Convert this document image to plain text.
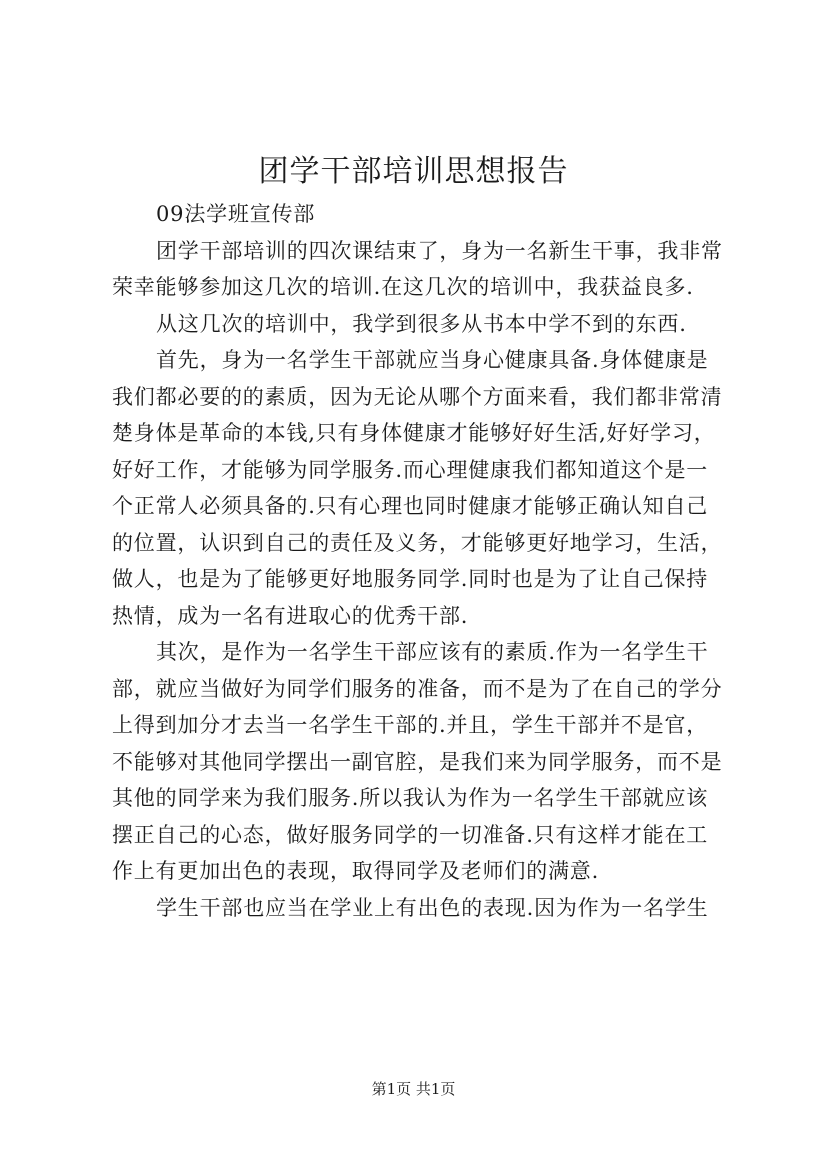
团学干部培训思想报告
09法学班宣传部
团学干部培训的四次课结束了，身为一名新生干事，我非常
荣幸能够参加这几次的培训.在这几次的培训中，我获益良多.
从这几次的培训中，我学到很多从书本中学不到的东西.
首先，身为一名学生干部就应当身心健康具备.身体健康是
我们都必要的的素质，因为无论从哪个方面来看，我们都非常清
楚身体是革命的本钱,只有身体健康才能够好好生活,好好学习，
好好工作，才能够为同学服务.而心理健康我们都知道这个是一
个正常人必须具备的.只有心理也同时健康才能够正确认知自己
的位置，认识到自己的责任及义务，才能够更好地学习，生活，
做人，也是为了能够更好地服务同学.同时也是为了让自己保持
热情，成为一名有进取心的优秀干部.
其次，是作为一名学生干部应该有的素质.作为一名学生干
部，就应当做好为同学们服务的准备，而不是为了在自己的学分
上得到加分才去当一名学生干部的.并且，学生干部并不是官，
不能够对其他同学摆出一副官腔，是我们来为同学服务，而不是
其他的同学来为我们服务.所以我认为作为一名学生干部就应该
摆正自己的心态，做好服务同学的一切准备.只有这样才能在工
作上有更加出色的表现，取得同学及老师们的满意.
学生干部也应当在学业上有出色的表现.因为作为一名学生
第1页 共1页
